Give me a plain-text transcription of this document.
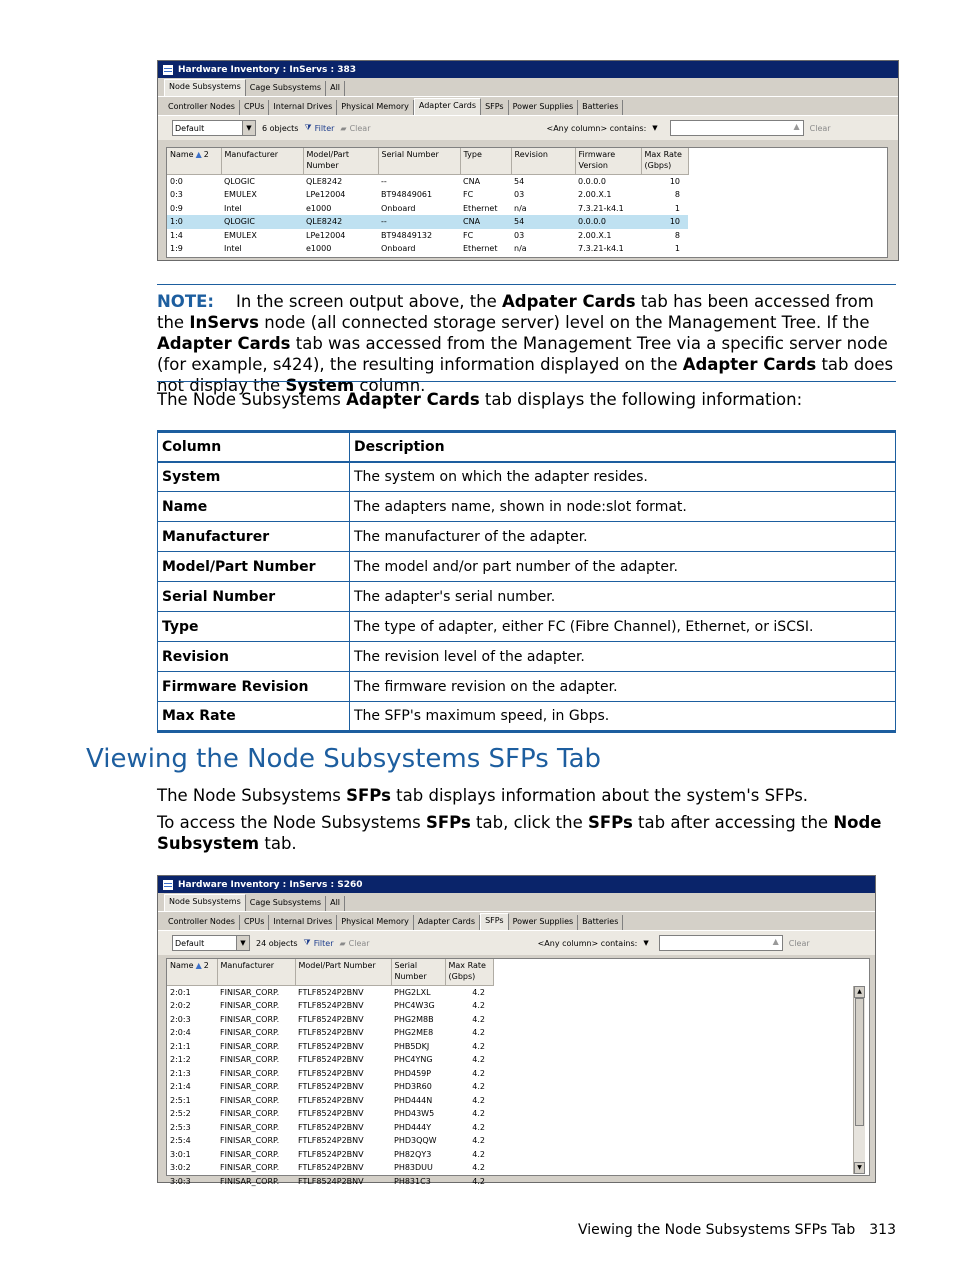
Hardware Inventory : InServs : 383
Node Subsystems	Cage Subsystems	All
Controller Nodes	CPUs	Internal Drives	Physical Memory	Adapter Cards	SFPs	Power Supplies	Batteries
Default	▼	6 objects ⧩ Filter ▰ Clear	<Any column> contains: ▼	▲ Clear
Name ▲ 2	Manufacturer	Model/Part Number	Serial Number	Type	Revision	Firmware Version	Max Rate (Gbps)
0:0	QLOGIC	QLE8242	--	CNA	54	0.0.0.0	10
0:3	EMULEX	LPe12004	BT94849061	FC	03	2.00.X.1	8
0:9	Intel	e1000	Onboard	Ethernet	n/a	7.3.21-k4.1	1
1:0	QLOGIC	QLE8242	--	CNA	54	0.0.0.0	10
1:4	EMULEX	LPe12004	BT94849132	FC	03	2.00.X.1	8
1:9	Intel	e1000	Onboard	Ethernet	n/a	7.3.21-k4.1	1
NOTE: In the screen output above, the Adpater Cards tab has been accessed from the InServs node (all connected storage server) level on the Management Tree. If the Adapter Cards tab was accessed from the Management Tree via a specific server node (for example, s424), the resulting information displayed on the Adapter Cards tab does not display the System column.
The Node Subsystems Adapter Cards tab displays the following information:
Column	Description
System	The system on which the adapter resides.
Name	The adapters name, shown in node:slot format.
Manufacturer	The manufacturer of the adapter.
Model/Part Number	The model and/or part number of the adapter.
Serial Number	The adapter's serial number.
Type	The type of adapter, either FC (Fibre Channel), Ethernet, or iSCSI.
Revision	The revision level of the adapter.
Firmware Revision	The firmware revision on the adapter.
Max Rate	The SFP's maximum speed, in Gbps.
Viewing the Node Subsystems SFPs Tab
The Node Subsystems SFPs tab displays information about the system's SFPs.
To access the Node Subsystems SFPs tab, click the SFPs tab after accessing the Node Subsystem tab.
Hardware Inventory : InServs : S260
Node Subsystems	Cage Subsystems	All
Controller Nodes	CPUs	Internal Drives	Physical Memory	Adapter Cards	SFPs	Power Supplies	Batteries
Default	▼	24 objects ⧩ Filter ▰ Clear	<Any column> contains: ▼	▲ Clear
Name ▲ 2	Manufacturer	Model/Part Number	Serial Number	Max Rate (Gbps)
2:0:1	FINISAR_CORP.	FTLF8524P2BNV	PHG2LXL	4.2
2:0:2	FINISAR_CORP.	FTLF8524P2BNV	PHC4W3G	4.2
2:0:3	FINISAR_CORP.	FTLF8524P2BNV	PHG2M8B	4.2
2:0:4	FINISAR_CORP.	FTLF8524P2BNV	PHG2ME8	4.2
2:1:1	FINISAR_CORP.	FTLF8524P2BNV	PHB5DKJ	4.2
2:1:2	FINISAR_CORP.	FTLF8524P2BNV	PHC4YNG	4.2
2:1:3	FINISAR_CORP.	FTLF8524P2BNV	PHD459P	4.2
2:1:4	FINISAR_CORP.	FTLF8524P2BNV	PHD3R60	4.2
2:5:1	FINISAR_CORP.	FTLF8524P2BNV	PHD444N	4.2
2:5:2	FINISAR_CORP.	FTLF8524P2BNV	PHD43W5	4.2
2:5:3	FINISAR_CORP.	FTLF8524P2BNV	PHD444Y	4.2
2:5:4	FINISAR_CORP.	FTLF8524P2BNV	PHD3QQW	4.2
3:0:1	FINISAR_CORP.	FTLF8524P2BNV	PH82QY3	4.2
3:0:2	FINISAR_CORP.	FTLF8524P2BNV	PH83DUU	4.2
3:0:3	FINISAR_CORP.	FTLF8524P2BNV	PH831C3	4.2
▲
▼
Viewing the Node Subsystems SFPs Tab 313
